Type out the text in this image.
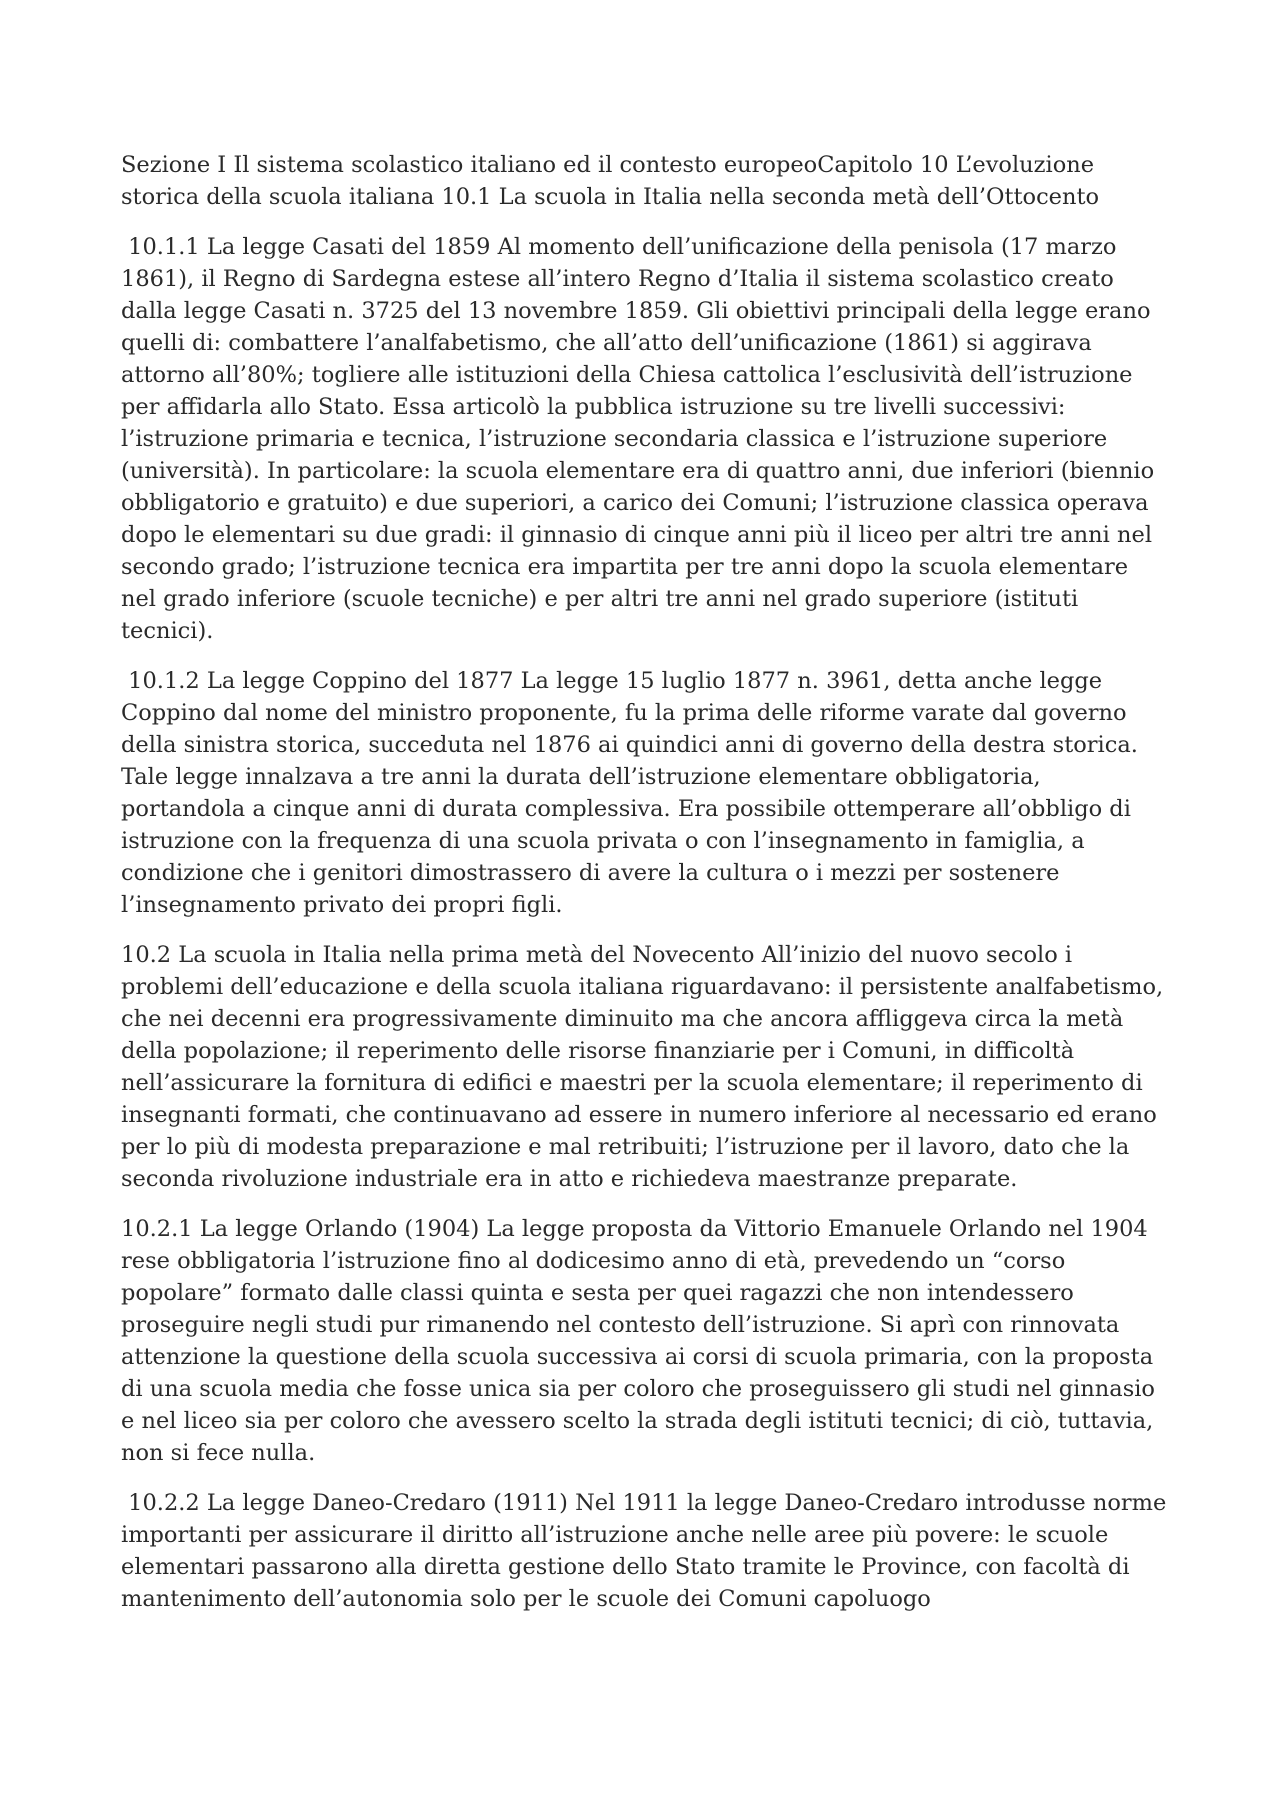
Sezione I Il sistema scolastico italiano ed il contesto europeoCapitolo 10 L’evoluzione storica della scuola italiana 10.1 La scuola in Italia nella seconda metà dell’Ottocento

10.1.1 La legge Casati del 1859 Al momento dell’unificazione della penisola (17 marzo 1861), il Regno di Sardegna estese all’intero Regno d’Italia il sistema scolastico creato dalla legge Casati n. 3725 del 13 novembre 1859. Gli obiettivi principali della legge erano quelli di: combattere l’analfabetismo, che all’atto dell’unificazione (1861) si aggirava attorno all’80%; togliere alle istituzioni della Chiesa cattolica l’esclusività dell’istruzione per affidarla allo Stato. Essa articolò la pubblica istruzione su tre livelli successivi: l’istruzione primaria e tecnica, l’istruzione secondaria classica e l’istruzione superiore (università). In particolare: la scuola elementare era di quattro anni, due inferiori (biennio obbligatorio e gratuito) e due superiori, a carico dei Comuni; l’istruzione classica operava dopo le elementari su due gradi: il ginnasio di cinque anni più il liceo per altri tre anni nel secondo grado; l’istruzione tecnica era impartita per tre anni dopo la scuola elementare nel grado inferiore (scuole tecniche) e per altri tre anni nel grado superiore (istituti tecnici).

10.1.2 La legge Coppino del 1877 La legge 15 luglio 1877 n. 3961, detta anche legge Coppino dal nome del ministro proponente, fu la prima delle riforme varate dal governo della sinistra storica, succeduta nel 1876 ai quindici anni di governo della destra storica. Tale legge innalzava a tre anni la durata dell’istruzione elementare obbligatoria, portandola a cinque anni di durata complessiva. Era possibile ottemperare all’obbligo di istruzione con la frequenza di una scuola privata o con l’insegnamento in famiglia, a condizione che i genitori dimostrassero di avere la cultura o i mezzi per sostenere l’insegnamento privato dei propri figli.

10.2 La scuola in Italia nella prima metà del Novecento All’inizio del nuovo secolo i problemi dell’educazione e della scuola italiana riguardavano: il persistente analfabetismo, che nei decenni era progressivamente diminuito ma che ancora affliggeva circa la metà della popolazione; il reperimento delle risorse finanziarie per i Comuni, in difficoltà nell’assicurare la fornitura di edifici e maestri per la scuola elementare; il reperimento di insegnanti formati, che continuavano ad essere in numero inferiore al necessario ed erano per lo più di modesta preparazione e mal retribuiti; l’istruzione per il lavoro, dato che la seconda rivoluzione industriale era in atto e richiedeva maestranze preparate.

10.2.1 La legge Orlando (1904) La legge proposta da Vittorio Emanuele Orlando nel 1904 rese obbligatoria l’istruzione fino al dodicesimo anno di età, prevedendo un “corso popolare” formato dalle classi quinta e sesta per quei ragazzi che non intendessero proseguire negli studi pur rimanendo nel contesto dell’istruzione. Si aprì con rinnovata attenzione la questione della scuola successiva ai corsi di scuola primaria, con la proposta di una scuola media che fosse unica sia per coloro che proseguissero gli studi nel ginnasio e nel liceo sia per coloro che avessero scelto la strada degli istituti tecnici; di ciò, tuttavia, non si fece nulla.

10.2.2 La legge Daneo-Credaro (1911) Nel 1911 la legge Daneo-Credaro introdusse norme importanti per assicurare il diritto all’istruzione anche nelle aree più povere: le scuole elementari passarono alla diretta gestione dello Stato tramite le Province, con facoltà di mantenimento dell’autonomia solo per le scuole dei Comuni capoluogo
